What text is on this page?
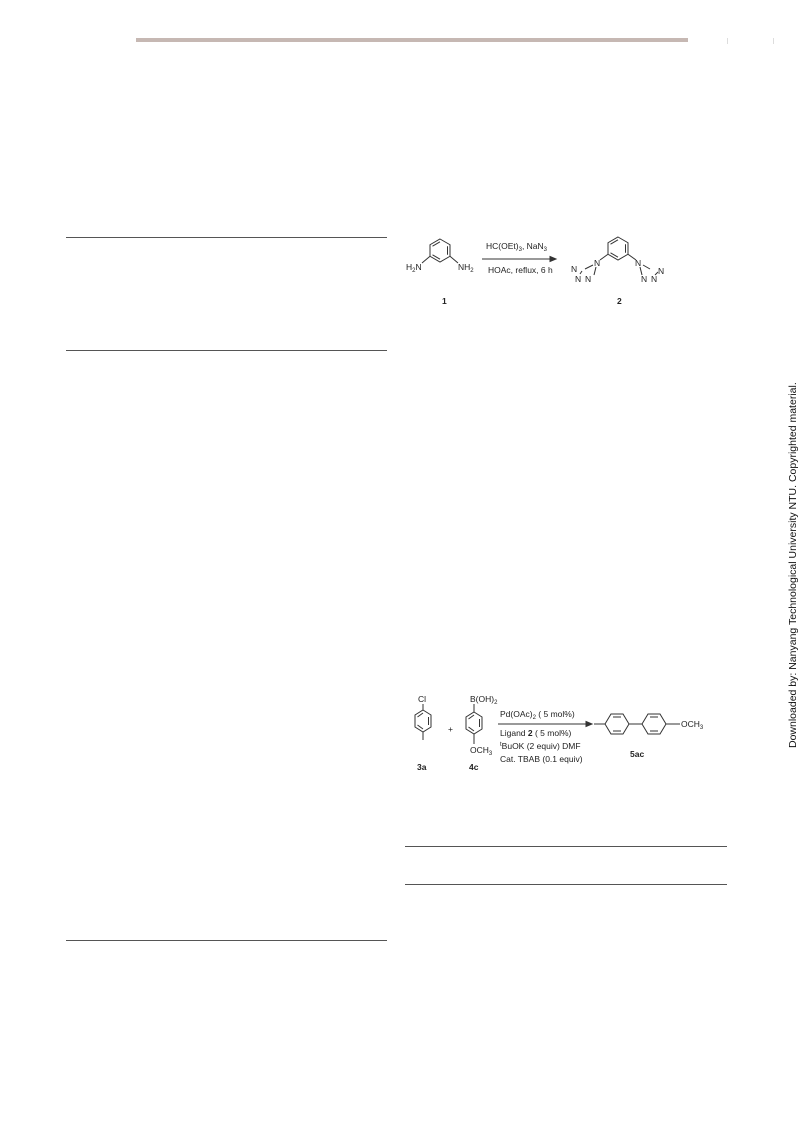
$H_2N$	$NH_2$
$HC(OEt)_3$, NaN$_3$
HOAc, reflux, 6 h
N
N
N N
N
N
N N
1	2
Cl
+
$B(OH)_2$
$OCH_3$
$Pd(OAc)_2$ ( 5 mol%)
Ligand 2 ( 5 mol%)
$^t$BuOK (2 equiv) DMF
Cat. TBAB (0.1 equiv)
$OCH_3$
3a	4c
5ac
Downloaded by: Nanyang Technological University NTU. Copyrighted material.
